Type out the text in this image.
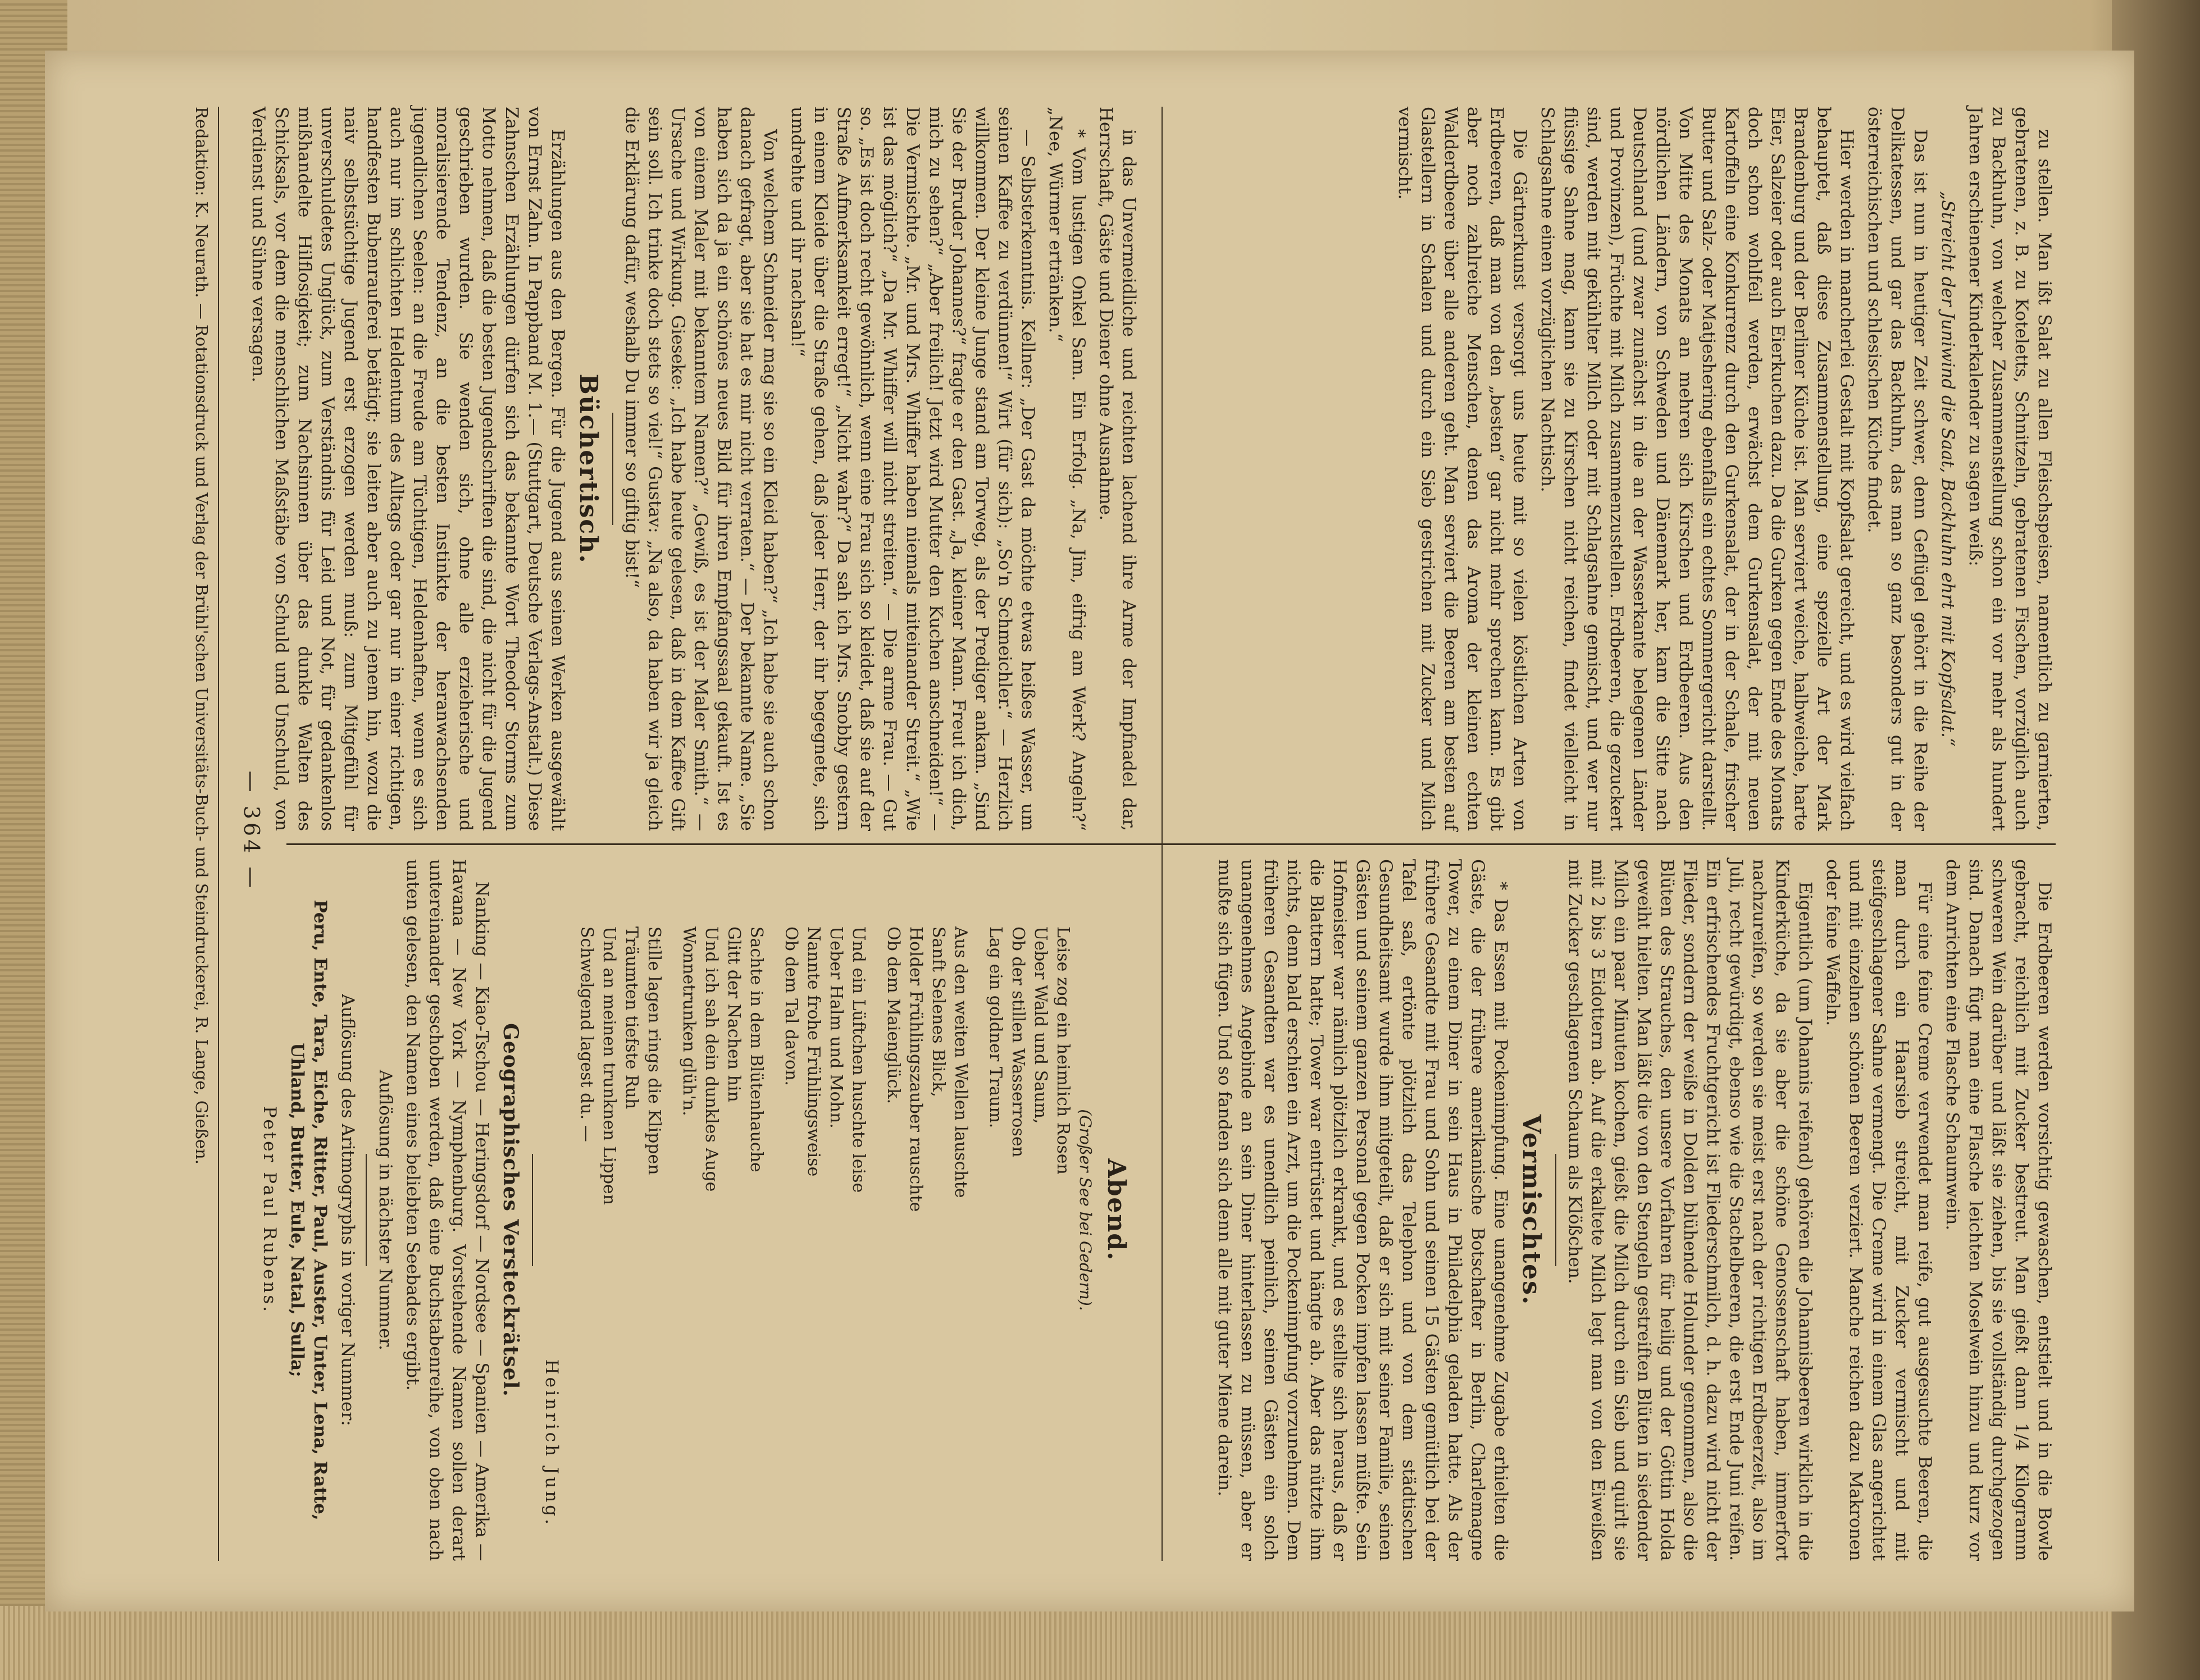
zu stellen. Man ißt Salat zu allen Fleischspeisen, namentlich zu garnierten, gebratenen, z. B. zu Koteletts, Schnitzeln, gebratenen Fischen, vorzüglich auch zu Backhuhn, von welcher Zusammenstellung schon ein vor mehr als hundert Jahren erschienener Kinderkalender zu sagen weiß:

„Streicht der Juniwind die Saat, Backhuhn ehrt mit Kopfsalat.“

Das ist nun in heutiger Zeit schwer, denn Geflügel gehört in die Reihe der Delikatessen, und gar das Backhuhn, das man so ganz besonders gut in der österreichischen und schlesischen Küche findet.

Hier werden in mancherlei Gestalt mit Kopfsalat gereicht, und es wird vielfach behauptet, daß diese Zusammenstellung, eine spezielle Art der Mark Brandenburg und der Berliner Küche ist. Man serviert weiche, halbweiche, harte Eier, Salzeier oder auch Eierkuchen dazu. Da die Gurken gegen Ende des Monats doch schon wohlfeil werden, erwächst dem Gurkensalat, der mit neuen Kartoffeln eine Konkurrenz durch den Gurkensalat, der in der Schale, frischer Butter und Salz- oder Matjeshering ebenfalls ein echtes Sommergericht darstellt. Von Mitte des Monats an mehren sich Kirschen und Erdbeeren. Aus den nördlichen Ländern, von Schweden und Dänemark her, kam die Sitte nach Deutschland (und zwar zunächst in die an der Wasserkante belegenen Länder und Provinzen), Früchte mit Milch zusammenzustellen. Erdbeeren, die gezuckert sind, werden mit gekühlter Milch oder mit Schlagsahne gemischt, und wer nur flüssige Sahne mag, kann sie zu Kirschen nicht reichen, findet vielleicht in Schlagsahne einen vorzüglichen Nachtisch.

Die Gärtnerkunst versorgt uns heute mit so vielen köstlichen Arten von Erdbeeren, daß man von den „besten“ gar nicht mehr sprechen kann. Es gibt aber noch zahlreiche Menschen, denen das Aroma der kleinen echten Walderdbeere über alle anderen geht. Man serviert die Beeren am besten auf Glastellern in Schalen und durch ein Sieb gestrichen mit Zucker und Milch vermischt.

Die Erdbeeren werden vorsichtig gewaschen, entstielt und in die Bowle gebracht, reichlich mit Zucker bestreut. Man gießt dann 1/4 Kilogramm schweren Wein darüber und läßt sie ziehen, bis sie vollständig durchgezogen sind. Danach fügt man eine Flasche leichten Moselwein hinzu und kurz vor dem Anrichten eine Flasche Schaumwein.

Für eine feine Creme verwendet man reife, gut ausgesuchte Beeren, die man durch ein Haarsieb streicht, mit Zucker vermischt und mit steifgeschlagener Sahne vermengt. Die Creme wird in einem Glas angerichtet und mit einzelnen schönen Beeren verziert. Manche reichen dazu Makronen oder feine Waffeln.

Eigentlich (um Johannis reifend) gehören die Johannisbeeren wirklich in die Kinderküche, da sie aber die schöne Genossenschaft haben, immerfort nachzureifen, so werden sie meist erst nach der richtigen Erdbeerzeit, also im Juli, recht gewürdigt, ebenso wie die Stachelbeeren, die erst Ende Juni reifen. Ein erfrischendes Fruchtgericht ist Fliederschmilch, d. h. dazu wird nicht der Flieder, sondern der weiße in Dolden blühende Holunder genommen, also die Blüten des Strauches, den unsere Vorfahren für heilig und der Göttin Holda geweiht hielten. Man läßt die von den Stengeln gestreiften Blüten in siedender Milch ein paar Minuten kochen, gießt die Milch durch ein Sieb und quirlt sie mit 2 bis 3 Eidottern ab. Auf die erkaltete Milch legt man von den Eiweißen mit Zucker geschlagenen Schaum als Klößchen.

Vermischtes.

* Das Essen mit Pockenimpfung. Eine unangenehme Zugabe erhielten die Gäste, die der frühere amerikanische Botschafter in Berlin, Charlemagne Tower, zu einem Diner in sein Haus in Philadelphia geladen hatte. Als der frühere Gesandte mit Frau und Sohn und seinen 15 Gästen gemütlich bei der Tafel saß, ertönte plötzlich das Telephon und von dem städtischen Gesundheitsamt wurde ihm mitgeteilt, daß er sich mit seiner Familie, seinen Gästen und seinem ganzen Personal gegen Pocken impfen lassen müßte. Sein Hofmeister war nämlich plötzlich erkrankt, und es stellte sich heraus, daß er die Blattern hatte; Tower war entrüstet und hängte ab. Aber das nützte ihm nichts, denn bald erschien ein Arzt, um die Pockenimpfung vorzunehmen. Dem früheren Gesandten war es unendlich peinlich, seinen Gästen ein solch unangenehmes Angebinde an sein Diner hinterlassen zu müssen, aber er mußte sich fügen. Und so fanden sich denn alle mit guter Miene darein.

in das Unvermeidliche und reichten lachend ihre Arme der Impfnadel dar, Herrschaft, Gäste und Diener ohne Ausnahme.

* Vom lustigen Onkel Sam. Ein Erfolg. „Na, Jim, eifrig am Werk? Angeln?“ „Nee, Würmer ertränken.“

— Selbsterkenntnis. Kellner: „Der Gast da möchte etwas heißes Wasser, um seinen Kaffee zu verdünnen!“ Wirt (für sich): „So'n Schmeichler.“ — Herzlich willkommen. Der kleine Junge stand am Torweg, als der Prediger ankam. „Sind Sie der Bruder Johannes?“ fragte er den Gast. „Ja, kleiner Mann. Freut ich dich, mich zu sehen?“ „Aber freilich! Jetzt wird Mutter den Kuchen anschneiden!“ — Die Vermischte. „Mr. und Mrs. Whiffer haben niemals miteinander Streit.“ „Wie ist das möglich?“ „Da Mr. Whiffer will nicht streiten.“ — Die arme Frau. — Gut so. „Es ist doch recht gewöhnlich, wenn eine Frau sich so kleidet, daß sie auf der Straße Aufmerksamkeit erregt!“ „Nicht wahr?“ Da sah ich Mrs. Snobby gestern in einem Kleide über die Straße gehen, daß jeder Herr, der ihr begegnete, sich umdrehte und ihr nachsah!“

Von welchem Schneider mag sie so ein Kleid haben?“ „Ich habe sie auch schon danach gefragt, aber sie hat es mir nicht verraten.“ — Der bekannte Name. „Sie haben sich da ja ein schönes neues Bild für ihren Empfangssaal gekauft. Ist es von einem Maler mit bekanntem Namen?“ „Gewiß, es ist der Maler Smith.“ — Ursache und Wirkung. Gieseke: „Ich habe heute gelesen, daß in dem Kaffee Gift sein soll. Ich trinke doch stets so viel!“ Gustav: „Na also, da haben wir ja gleich die Erklärung dafür, weshalb Du immer so giftig bist!“

Büchertisch.

Erzählungen aus den Bergen. Für die Jugend aus seinen Werken ausgewählt von Ernst Zahn. In Pappband M. 1.— (Stuttgart, Deutsche Verlags-Anstalt.) Diese Zahnschen Erzählungen dürfen sich das bekannte Wort Theodor Storms zum Motto nehmen, daß die besten Jugendschriften die sind, die nicht für die Jugend geschrieben wurden. Sie wenden sich, ohne alle erzieherische und moralisierende Tendenz, an die besten Instinkte der heranwachsenden jugendlichen Seelen: an die Freude am Tüchtigen, Heldenhaften, wenn es sich auch nur im schlichten Heldentum des Alltags oder gar nur in einer richtigen, handfesten Bubenrauferei betätigt; sie leiten aber auch zu jenem hin, wozu die naiv selbstsüchtige Jugend erst erzogen werden muß: zum Mitgefühl für unverschuldetes Unglück, zum Verständnis für Leid und Not, für gedankenlos mißhandelte Hilflosigkeit; zum Nachsinnen über das dunkle Walten des Schicksals, vor dem die menschlichen Maßstäbe von Schuld und Unschuld, von Verdienst und Sühne versagen.

Abend.
(Großer See bei Gedern).
Leise zog ein heimlich Rosen
Ueber Wald und Saum,
Ob der stillen Wasserrosen
Lag ein goldner Traum.
Aus den weiten Wellen lauschte
Sanft Selenes Blick,
Holder Frühlingszauber rauschte
Ob dem Maienglück.
Und ein Lüftchen huschte leise
Ueber Halm und Mohn.
Nannte frohe Frühlingsweise
Ob dem Tal davon.
Sachte in dem Blütenhauche
Glitt der Nachen hin
Und ich sah dein dunkles Auge
Wonnetrunken glüh'n.
Stille lagen rings die Klippen
Träumten tiefste Ruh
Und an meinen trunknen Lippen
Schwelgend lagest du. —
Heinrich Jung.
Geographisches Versteckrätsel.

Nanking — Kiao-Tschou — Heringsdorf — Nordsee — Spanien — Amerika — Havana — New York — Nymphenburg. Vorstehende Namen sollen derart untereinander geschoben werden, daß eine Buchstabenreihe, von oben nach unten gelesen, den Namen eines beliebten Seebades ergibt.

Auflösung in nächster Nummer.

Auflösung des Aritmogryphs in voriger Nummer:

Peru, Ente, Tara, Eiche, Ritter, Paul, Auster, Unter, Lena, Ratte, Uhland, Butter, Eule, Natal, Sulla;

Peter Paul Rubens.

— 364 —
Redaktion: K. Neurath. — Rotationsdruck und Verlag der Brühl'schen Universitäts-Buch- und Steindruckerei, R. Lange, Gießen.
